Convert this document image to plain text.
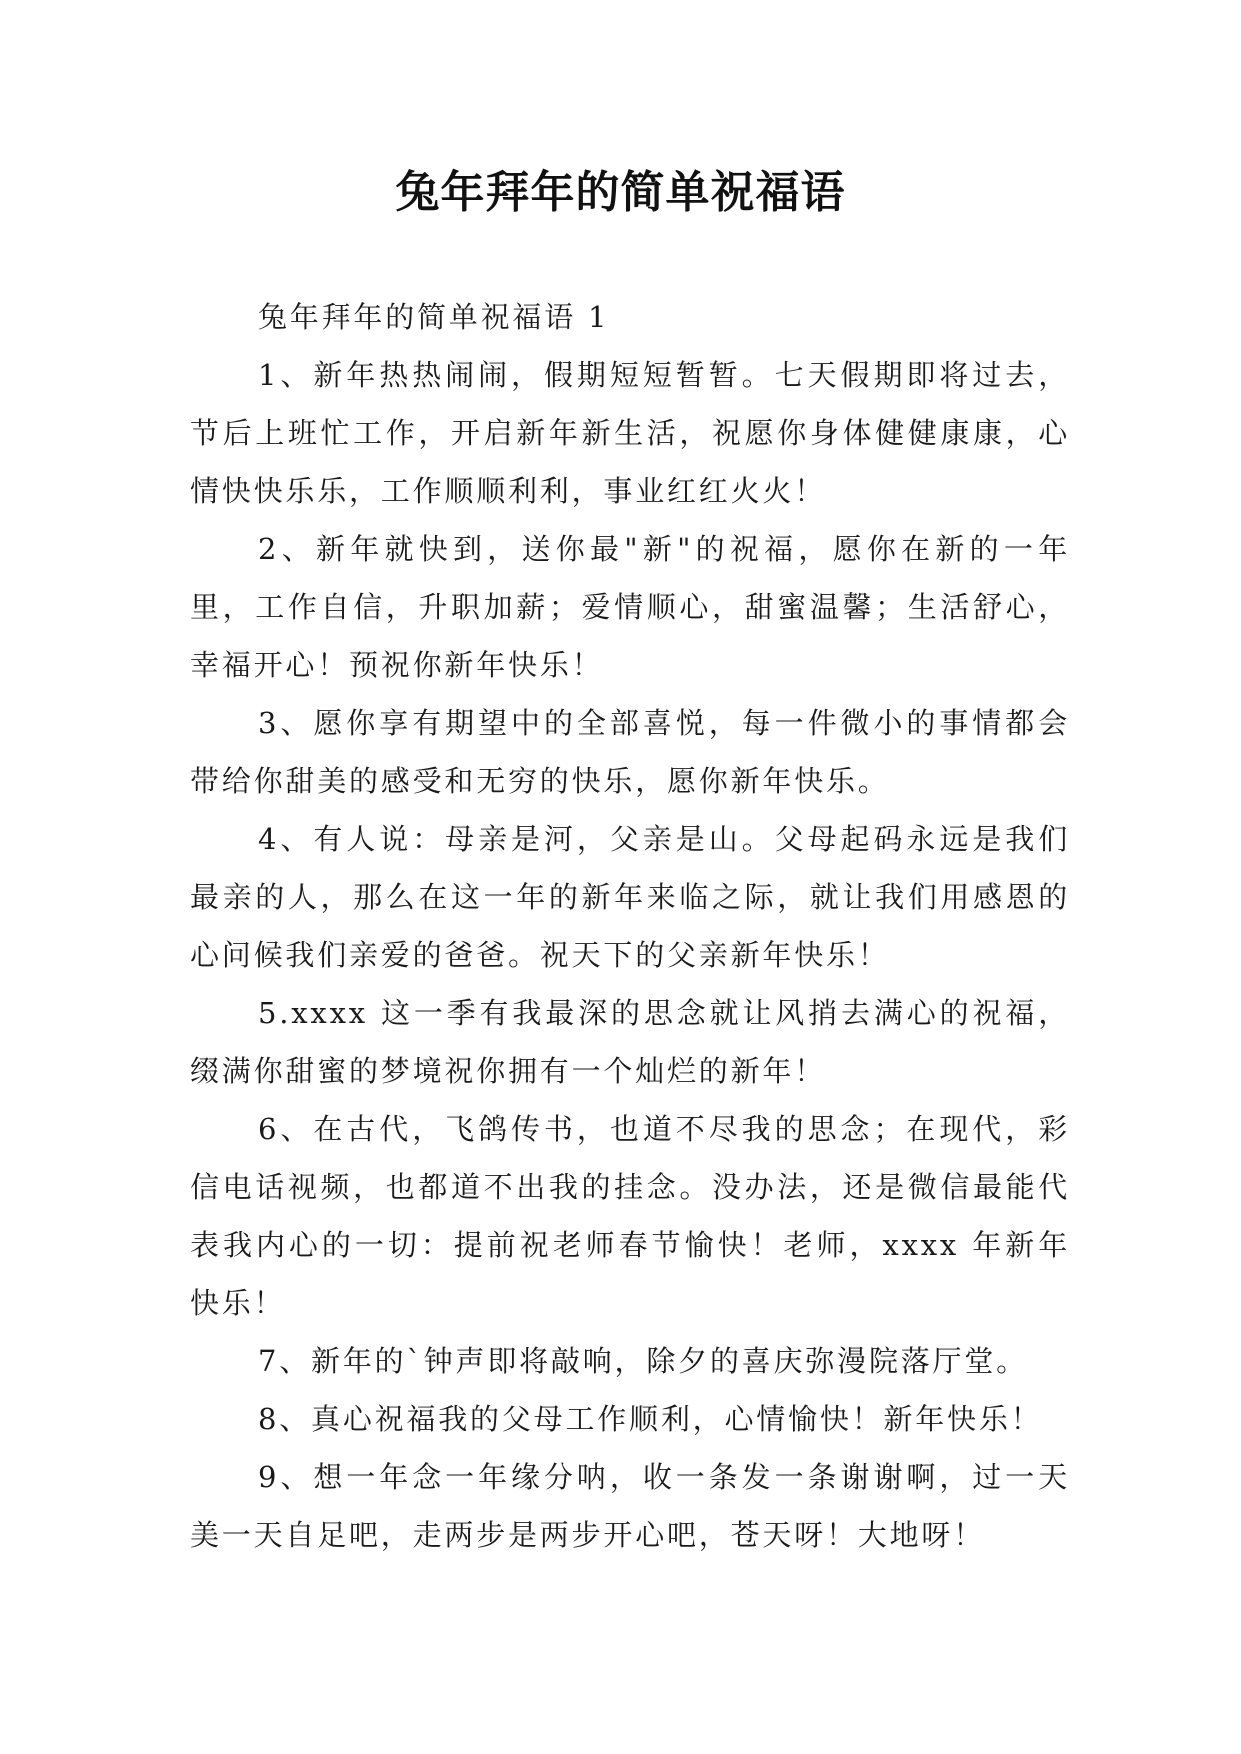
兔年拜年的简单祝福语

兔年拜年的简单祝福语 1

1、新年热热闹闹，假期短短暂暂。七天假期即将过去，节后上班忙工作，开启新年新生活，祝愿你身体健健康康，心情快快乐乐，工作顺顺利利，事业红红火火！

2、新年就快到，送你最"新"的祝福，愿你在新的一年里，工作自信，升职加薪；爱情顺心，甜蜜温馨；生活舒心，幸福开心！预祝你新年快乐！

3、愿你享有期望中的全部喜悦，每一件微小的事情都会带给你甜美的感受和无穷的快乐，愿你新年快乐。

4、有人说：母亲是河，父亲是山。父母起码永远是我们最亲的人，那么在这一年的新年来临之际，就让我们用感恩的心问候我们亲爱的爸爸。祝天下的父亲新年快乐！

5.xxxx 这一季有我最深的思念就让风捎去满心的祝福，缀满你甜蜜的梦境祝你拥有一个灿烂的新年！

6、在古代，飞鸽传书，也道不尽我的思念；在现代，彩信电话视频，也都道不出我的挂念。没办法，还是微信最能代表我内心的一切：提前祝老师春节愉快！老师，xxxx 年新年快乐！

7、新年的`钟声即将敲响，除夕的喜庆弥漫院落厅堂。

8、真心祝福我的父母工作顺利，心情愉快！新年快乐！

9、想一年念一年缘分呐，收一条发一条谢谢啊，过一天美一天自足吧，走两步是两步开心吧，苍天呀！大地呀！
